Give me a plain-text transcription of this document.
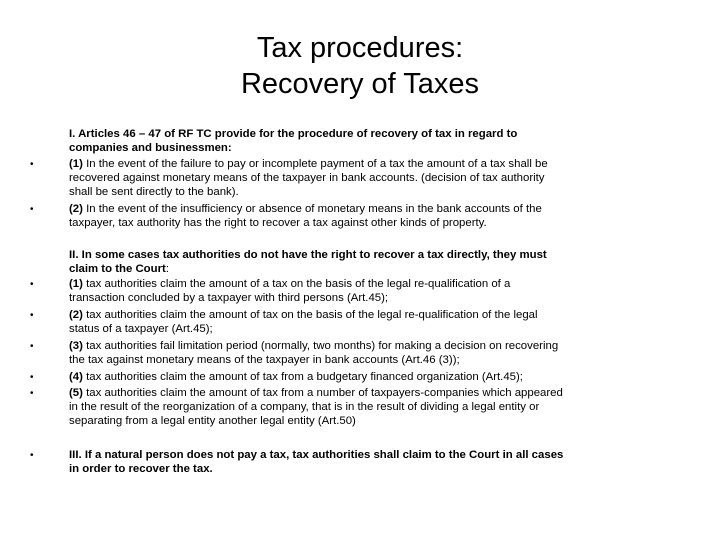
Tax procedures:
Recovery of Taxes
I. Articles 46 – 47 of RF TC provide for the procedure of recovery of tax in regard to
companies and businessmen:
•	(1) In the event of the failure to pay or incomplete payment of a tax the amount of a tax shall be
recovered against monetary means of the taxpayer in bank accounts. (decision of tax authority
shall be sent directly to the bank).
•	(2) In the event of the insufficiency or absence of monetary means in the bank accounts of the
taxpayer, tax authority has the right to recover a tax against other kinds of property.
II. In some cases tax authorities do not have the right to recover a tax directly, they must
claim to the Court:
•	(1) tax authorities claim the amount of a tax on the basis of the legal re-qualification of a
transaction concluded by a taxpayer with third persons (Art.45);
•	(2) tax authorities claim the amount of tax on the basis of the legal re-qualification of the legal
status of a taxpayer (Art.45);
•	(3) tax authorities fail limitation period (normally, two months) for making a decision on recovering
the tax against monetary means of the taxpayer in bank accounts (Art.46 (3));
•	(4) tax authorities claim the amount of tax from a budgetary financed organization (Art.45);
•	(5) tax authorities claim the amount of tax from a number of taxpayers-companies which appeared
in the result of the reorganization of a company, that is in the result of dividing a legal entity or
separating from a legal entity another legal entity (Art.50)
•	III. If a natural person does not pay a tax, tax authorities shall claim to the Court in all cases
in order to recover the tax.
